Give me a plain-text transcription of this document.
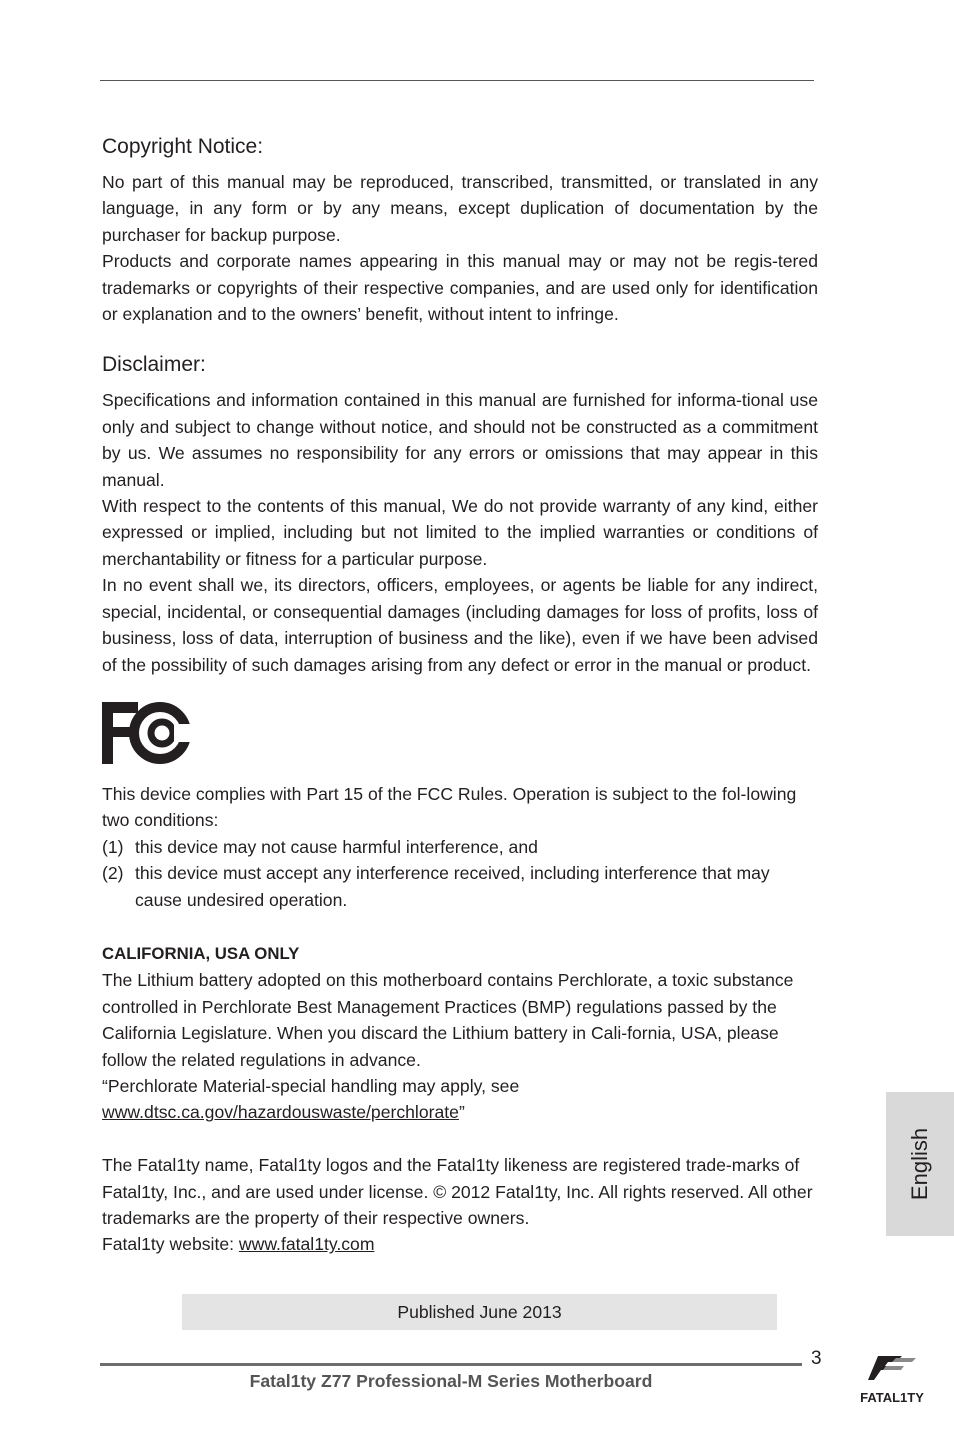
Copyright Notice:

No part of this manual may be reproduced, transcribed, transmitted, or translated in any language, in any form or by any means, except duplication of documentation by the purchaser for backup purpose.

Products and corporate names appearing in this manual may or may not be regis-tered trademarks or copyrights of their respective companies, and are used only for identification or explanation and to the owners’ benefit, without intent to infringe.

Disclaimer:

Specifications and information contained in this manual are furnished for informa-tional use only and subject to change without notice, and should not be constructed as a commitment by us. We assumes no responsibility for any errors or omissions that may appear in this manual.

With respect to the contents of this manual, We do not provide warranty of any kind, either expressed or implied, including but not limited to the implied warranties or conditions of merchantability or fitness for a particular purpose.

In no event shall we, its directors, officers, employees, or agents be liable for any indirect, special, incidental, or consequential damages (including damages for loss of profits, loss of business, loss of data, interruption of business and the like), even if we have been advised of the possibility of such damages arising from any defect or error in the manual or product.

This device complies with Part 15 of the FCC Rules. Operation is subject to the fol-lowing two conditions:

(1) this device may not cause harmful interference, and
(2) this device must accept any interference received, including interference that may cause undesired operation.
CALIFORNIA, USA ONLY

The Lithium battery adopted on this motherboard contains Perchlorate, a toxic substance controlled in Perchlorate Best Management Practices (BMP) regulations passed by the California Legislature. When you discard the Lithium battery in Cali-fornia, USA, please follow the related regulations in advance.

“Perchlorate Material-special handling may apply, see
www.dtsc.ca.gov/hazardouswaste/perchlorate”

The Fatal1ty name, Fatal1ty logos and the Fatal1ty likeness are registered trade-marks of Fatal1ty, Inc., and are used under license. © 2012 Fatal1ty, Inc. All rights reserved. All other trademarks are the property of their respective owners.

Fatal1ty website: www.fatal1ty.com

Published June 2013
English
3
Fatal1ty Z77 Professional-M Series Motherboard
FATAL1TY
